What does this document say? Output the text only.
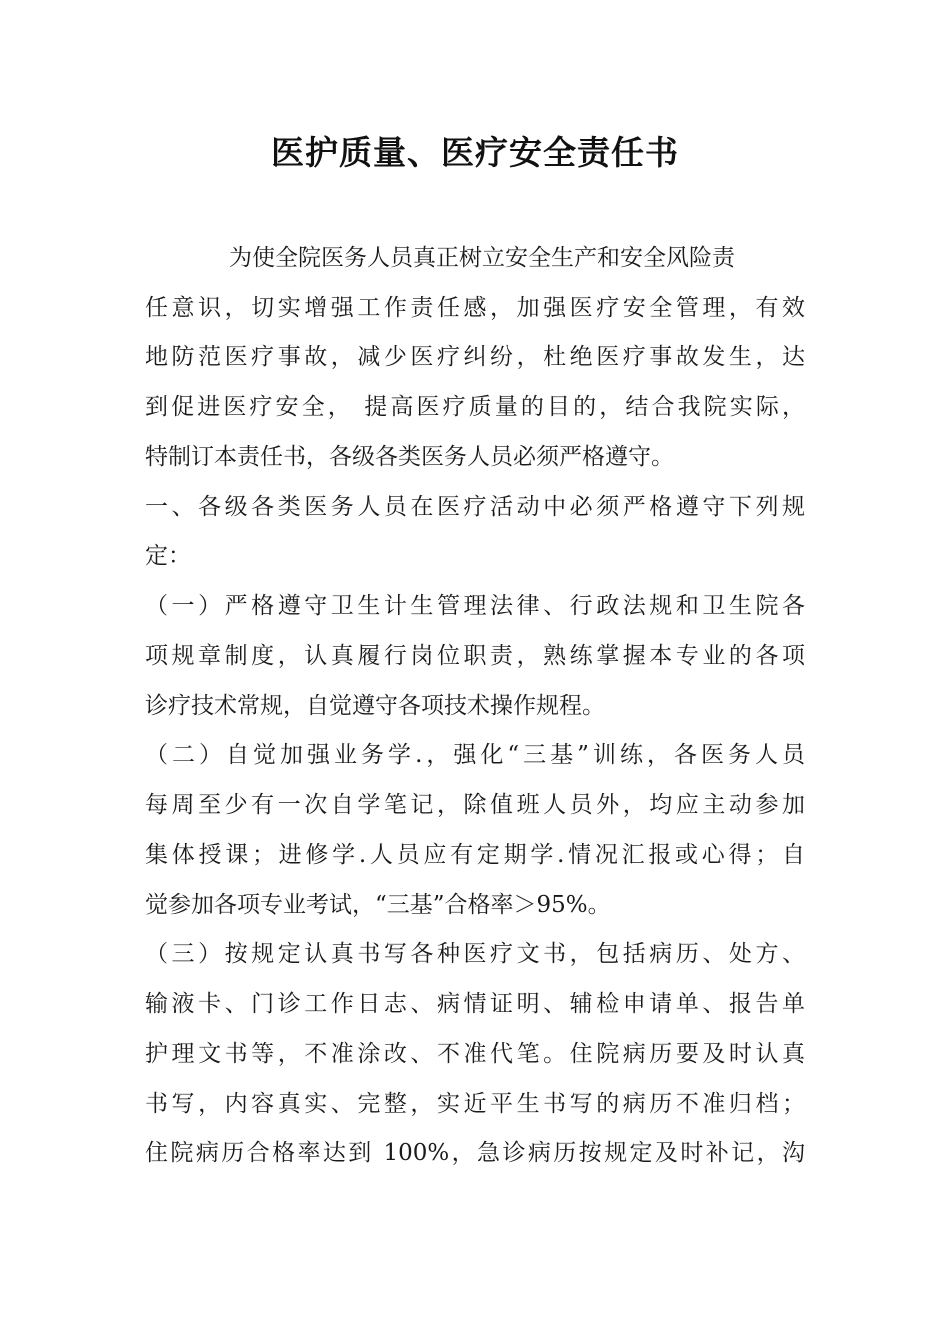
医护质量、医疗安全责任书
为使全院医务人员真正树立安全生产和安全风险责
任意识，切实增强工作责任感，加强医疗安全管理，有效
地防范医疗事故，减少医疗纠纷，杜绝医疗事故发生，达
到促进医疗安全， 提高医疗质量的目的，结合我院实际，
特制订本责任书，各级各类医务人员必须严格遵守。
一、各级各类医务人员在医疗活动中必须严格遵守下列规
定：
（一）严格遵守卫生计生管理法律、行政法规和卫生院各
项规章制度，认真履行岗位职责，熟练掌握本专业的各项
诊疗技术常规，自觉遵守各项技术操作规程。
（二）自觉加强业务学.，强化“三基”训练，各医务人员
每周至少有一次自学笔记，除值班人员外，均应主动参加
集体授课；进修学.人员应有定期学.情况汇报或心得；自
觉参加各项专业考试，“三基”合格率＞95%。
（三）按规定认真书写各种医疗文书，包括病历、处方、
输液卡、门诊工作日志、病情证明、辅检申请单、报告单
护理文书等，不准涂改、不准代笔。住院病历要及时认真
书写，内容真实、完整，实近平生书写的病历不准归档；
住院病历合格率达到 100%，急诊病历按规定及时补记，沟
